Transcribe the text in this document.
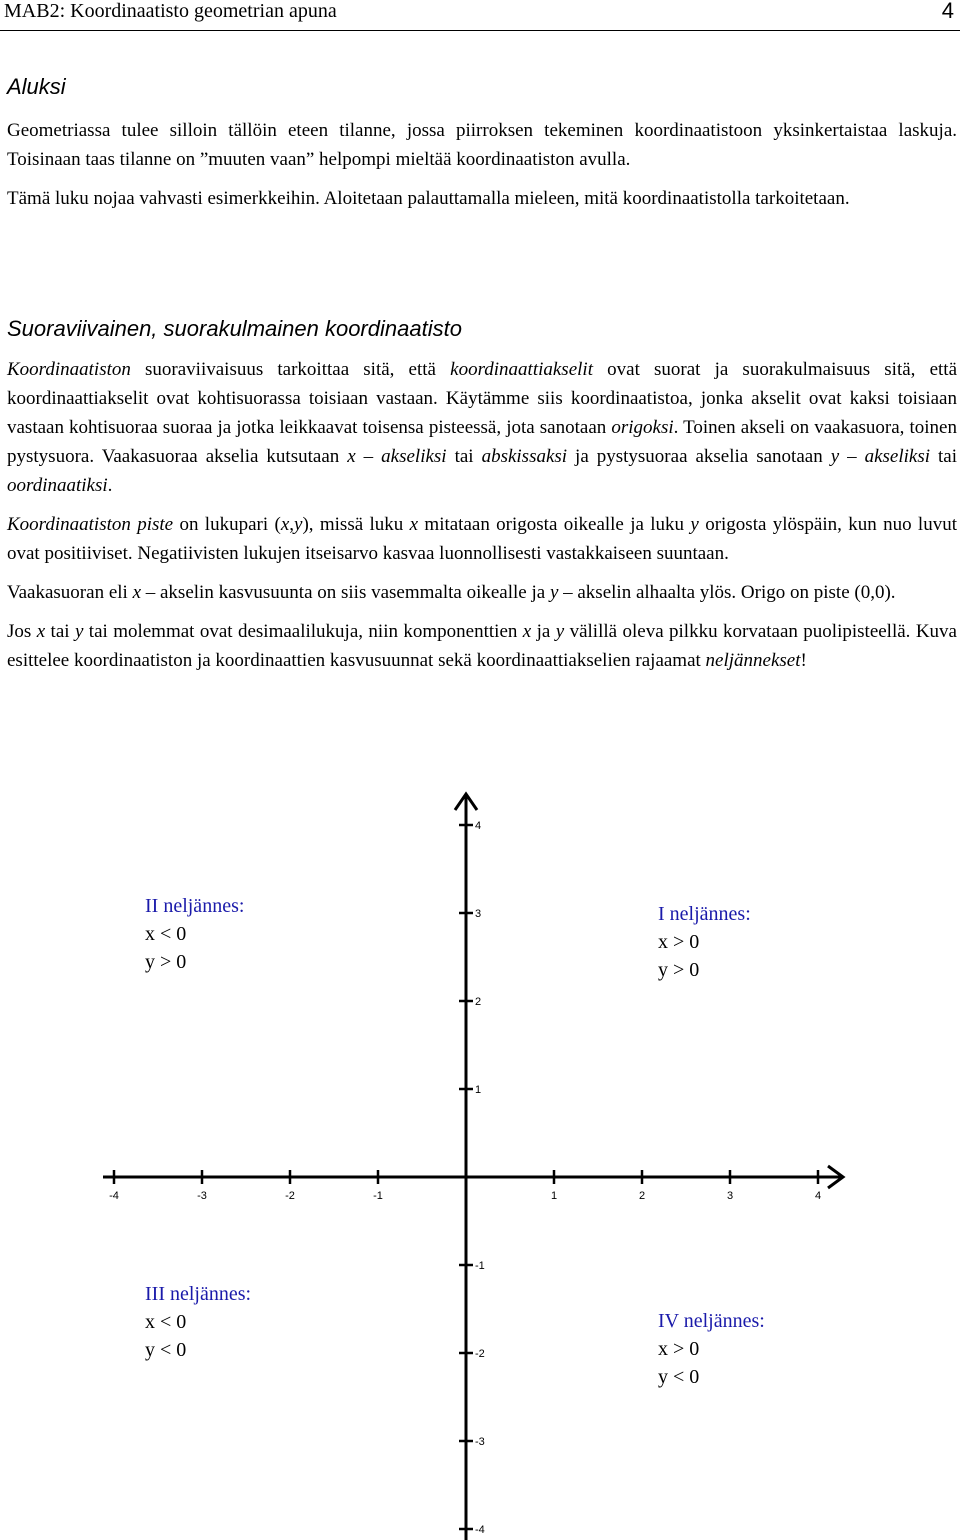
MAB2: Koordinaatisto geometrian apuna	4
Aluksi

Geometriassa tulee silloin tällöin eteen tilanne, jossa piirroksen tekeminen koordinaatistoon yksinkertaistaa laskuja. Toisinaan taas tilanne on ”muuten vaan” helpompi mieltää koordinaatiston avulla.

Tämä luku nojaa vahvasti esimerkkeihin. Aloitetaan palauttamalla mieleen, mitä koordinaatistolla tarkoitetaan.

Suoraviivainen, suorakulmainen koordinaatisto

Koordinaatiston suoraviivaisuus tarkoittaa sitä, että koordinaattiakselit ovat suorat ja suorakulmaisuus sitä, että koordinaattiakselit ovat kohtisuorassa toisiaan vastaan. Käytämme siis koordinaatistoa, jonka akselit ovat kaksi toisiaan vastaan kohtisuoraa suoraa ja jotka leikkaavat toisensa pisteessä, jota sanotaan origoksi. Toinen akseli on vaakasuora, toinen pystysuora. Vaakasuoraa akselia kutsutaan x – akseliksi tai abskissaksi ja pystysuoraa akselia sanotaan y – akseliksi tai oordinaatiksi.

Koordinaatiston piste on lukupari (x,y), missä luku x mitataan origosta oikealle ja luku y origosta ylöspäin, kun nuo luvut ovat positiiviset. Negatiivisten lukujen itseisarvo kasvaa luonnollisesti vastakkaiseen suuntaan.

Vaakasuoran eli x – akselin kasvusuunta on siis vasemmalta oikealle ja y – akselin alhaalta ylös. Origo on piste (0,0).

Jos x tai y tai molemmat ovat desimaalilukuja, niin komponenttien x ja y välillä oleva pilkku korvataan puolipisteellä. Kuva esittelee koordinaatiston ja koordinaattien kasvusuunnat sekä koordinaattiakselien rajaamat neljännekset!

-4	-3	-2	-1	1	2	3	4
1
2
3
4
-1
-2
-3
-4
II neljännes:
x < 0
y > 0
I neljännes:
x > 0
y > 0
III neljännes:
x < 0
y < 0
IV neljännes:
x > 0
y < 0
